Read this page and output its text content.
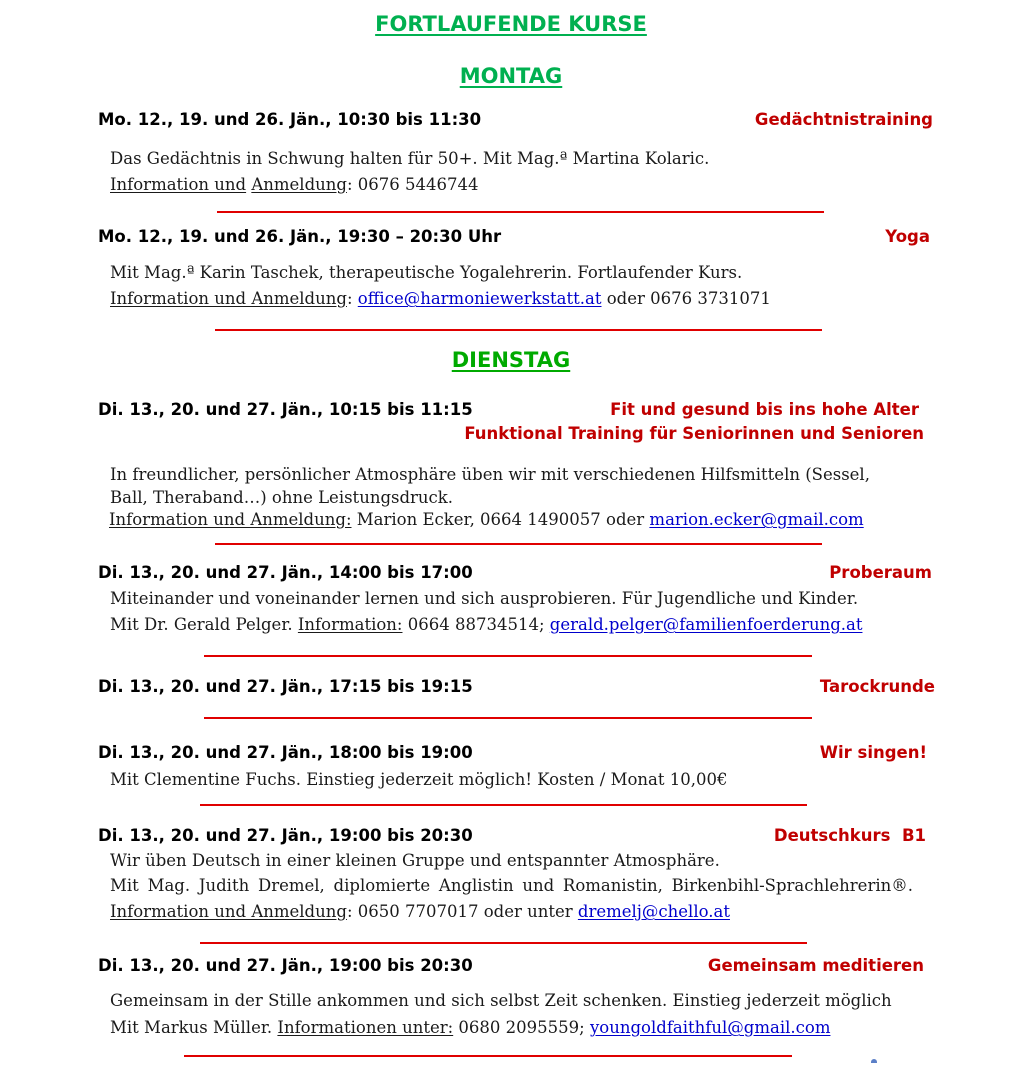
FORTLAUFENDE KURSE
MONTAG
Mo. 12., 19. und 26. Jän., 10:30 bis 11:30	Gedächtnistraining
Das Gedächtnis in Schwung halten für 50+. Mit Mag.ª Martina Kolaric.
Information und Anmeldung: 0676 5446744
Mo. 12., 19. und 26. Jän., 19:30 – 20:30 Uhr	Yoga
Mit Mag.ª Karin Taschek, therapeutische Yogalehrerin. Fortlaufender Kurs.
Information und Anmeldung: office@harmoniewerkstatt.at oder 0676 3731071
DIENSTAG
Di. 13., 20. und 27. Jän., 10:15 bis 11:15	Fit und gesund bis ins hohe Alter
Funktional Training für Seniorinnen und Senioren
In freundlicher, persönlicher Atmosphäre üben wir mit verschiedenen Hilfsmitteln (Sessel,
Ball, Theraband…) ohne Leistungsdruck.
Information und Anmeldung: Marion Ecker, 0664 1490057 oder marion.ecker@gmail.com
Di. 13., 20. und 27. Jän., 14:00 bis 17:00	Proberaum
Miteinander und voneinander lernen und sich ausprobieren. Für Jugendliche und Kinder.
Mit Dr. Gerald Pelger. Information: 0664 88734514; gerald.pelger@familienfoerderung.at
Di. 13., 20. und 27. Jän., 17:15 bis 19:15	Tarockrunde
Di. 13., 20. und 27. Jän., 18:00 bis 19:00	Wir singen!
Mit Clementine Fuchs. Einstieg jederzeit möglich! Kosten / Monat 10,00€
Di. 13., 20. und 27. Jän., 19:00 bis 20:30	Deutschkurs  B1
Wir üben Deutsch in einer kleinen Gruppe und entspannter Atmosphäre.
Mit Mag. Judith Dremel, diplomierte Anglistin und Romanistin, Birkenbihl-Sprachlehrerin®. Information und Anmeldung: 0650 7707017 oder unter dremelj@chello.at
Di. 13., 20. und 27. Jän., 19:00 bis 20:30	Gemeinsam meditieren
Gemeinsam in der Stille ankommen und sich selbst Zeit schenken. Einstieg jederzeit möglich
Mit Markus Müller. Informationen unter: 0680 2095559; youngoldfaithful@gmail.com
